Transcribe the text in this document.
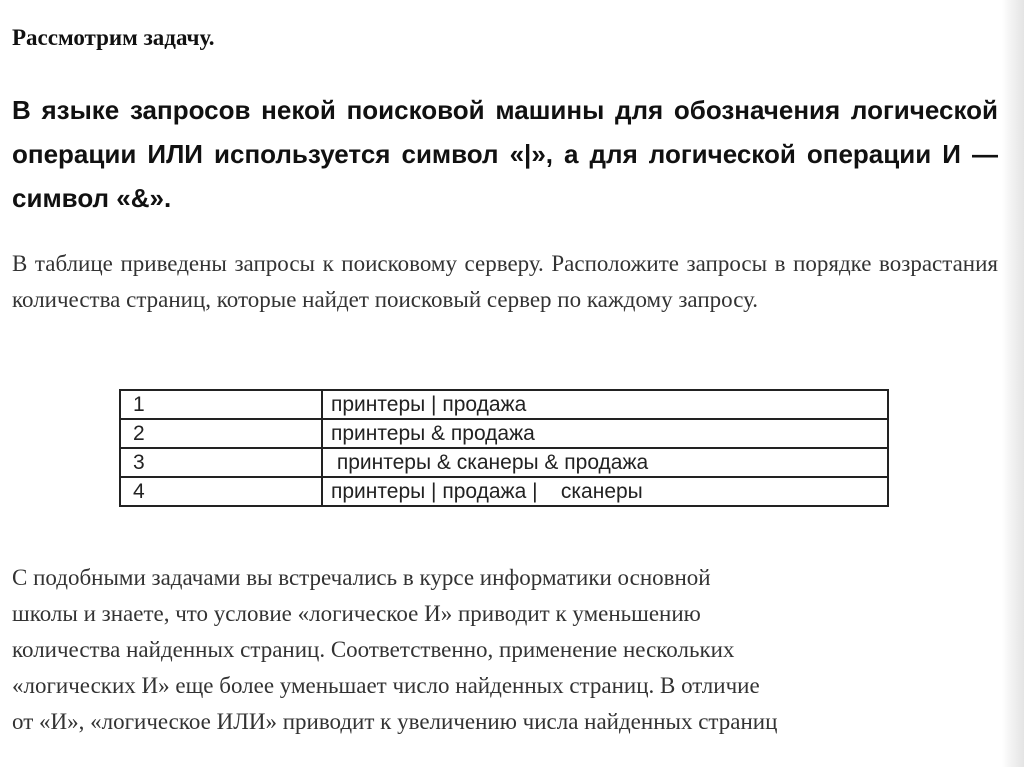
Рассмотрим задачу.

В языке запросов некой поисковой машины для обозначения логической операции ИЛИ используется символ «|», а для логической операции И — символ «&».

В таблице приведены запросы к поисковому серверу. Расположите запросы в порядке возрастания количества страниц, которые найдет поисковый сервер по каждому запросу.

1	принтеры | продажа
2	принтеры & продажа
3	принтеры & сканеры & продажа
4	принтеры | продажа |    сканеры

С подобными задачами вы встречались в курсе информатики основной
школы и знаете, что условие «логическое И» приводит к уменьшению
количества найденных страниц. Соответственно, применение нескольких
«логических И» еще более уменьшает число найденных страниц. В отличие
от «И», «логическое ИЛИ» приводит к увеличению числа найденных страниц
